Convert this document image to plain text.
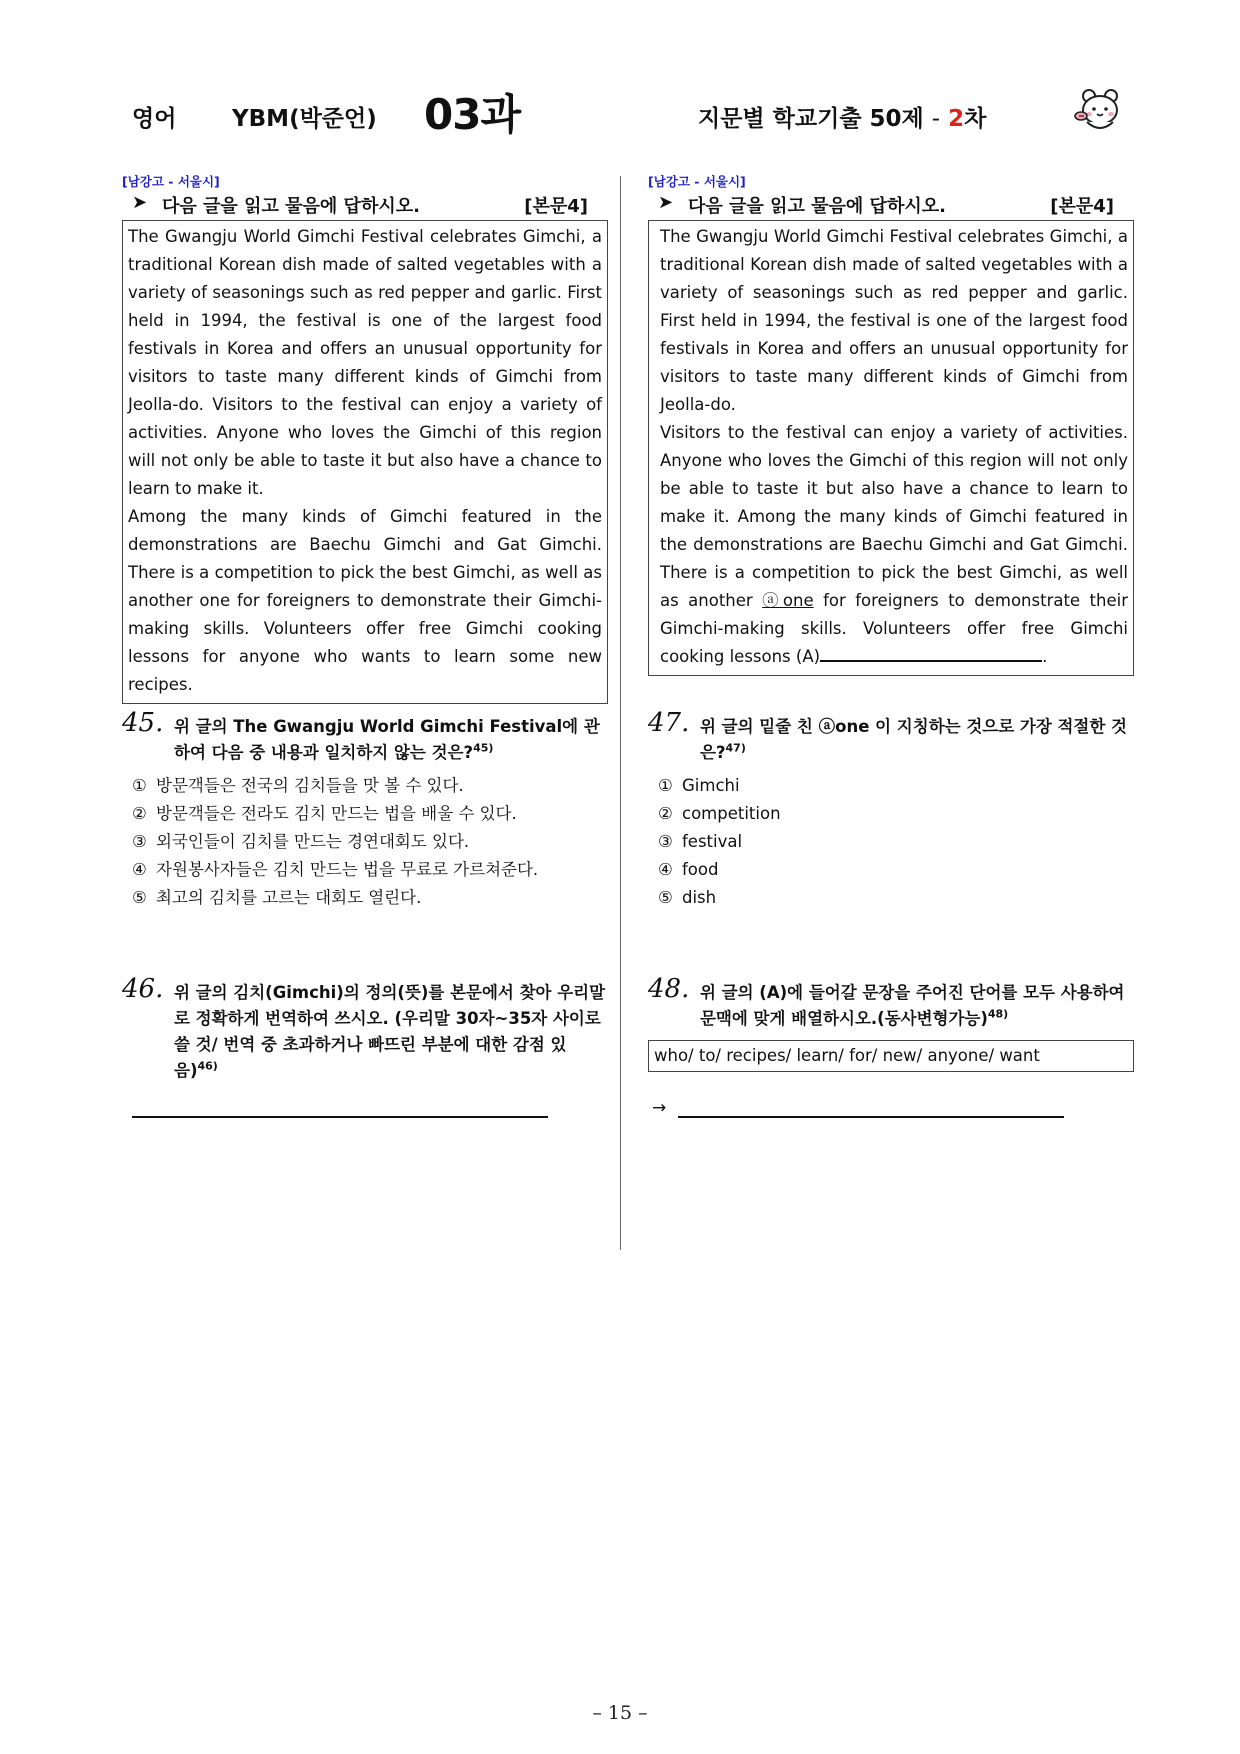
영어 YBM(박준언) 03과	지문별 학교기출 50제 - 2차
[남강고 - 서울시]
➤ 다음 글을 읽고 물음에 답하시오.	[본문4]

The Gwangju World Gimchi Festival celebrates Gimchi, a traditional Korean dish made of salted vegetables with a variety of seasonings such as red pepper and garlic. First held in 1994, the festival is one of the largest food festivals in Korea and offers an unusual opportunity for visitors to taste many different kinds of Gimchi from Jeolla-do. Visitors to the festival can enjoy a variety of activities. Anyone who loves the Gimchi of this region will not only be able to taste it but also have a chance to learn to make it.

Among the many kinds of Gimchi featured in the demonstrations are Baechu Gimchi and Gat Gimchi. There is a competition to pick the best Gimchi, as well as another one for foreigners to demonstrate their Gimchi-making skills. Volunteers offer free Gimchi cooking lessons for anyone who wants to learn some new recipes.

[남강고 - 서울시]
➤ 다음 글을 읽고 물음에 답하시오.	[본문4]

The Gwangju World Gimchi Festival celebrates Gimchi, a traditional Korean dish made of salted vegetables with a variety of seasonings such as red pepper and garlic. First held in 1994, the festival is one of the largest food festivals in Korea and offers an unusual opportunity for visitors to taste many different kinds of Gimchi from Jeolla-do.

Visitors to the festival can enjoy a variety of activities. Anyone who loves the Gimchi of this region will not only be able to taste it but also have a chance to learn to make it. Among the many kinds of Gimchi featured in the demonstrations are Baechu Gimchi and Gat Gimchi. There is a competition to pick the best Gimchi, as well as another ⓐone for foreigners to demonstrate their Gimchi-making skills. Volunteers offer free Gimchi cooking lessons (A)	.

45. 위 글의 The Gwangju World Gimchi Festival에 관하여 다음 중 내용과 일치하지 않는 것은?$^{45)}$
① 방문객들은 전국의 김치들을 맛 볼 수 있다.
② 방문객들은 전라도 김치 만드는 법을 배울 수 있다.
③ 외국인들이 김치를 만드는 경연대회도 있다.
④ 자원봉사자들은 김치 만드는 법을 무료로 가르쳐준다.
⑤ 최고의 김치를 고르는 대회도 열린다.
46. 위 글의 김치(Gimchi)의 정의(뜻)를 본문에서 찾아 우리말로 정확하게 번역하여 쓰시오. (우리말 30자~35자 사이로 쓸 것/ 번역 중 초과하거나 빠뜨린 부분에 대한 감점 있음)$^{46)}$
47. 위 글의 밑줄 친 ⓐone 이 지칭하는 것으로 가장 적절한 것은?$^{47)}$
① Gimchi
② competition
③ festival
④ food
⑤ dish
48. 위 글의 (A)에 들어갈 문장을 주어진 단어를 모두 사용하여 문맥에 맞게 배열하시오.(동사변형가능)$^{48)}$
who/ to/ recipes/ learn/ for/ new/ anyone/ want
→
– 15 –
